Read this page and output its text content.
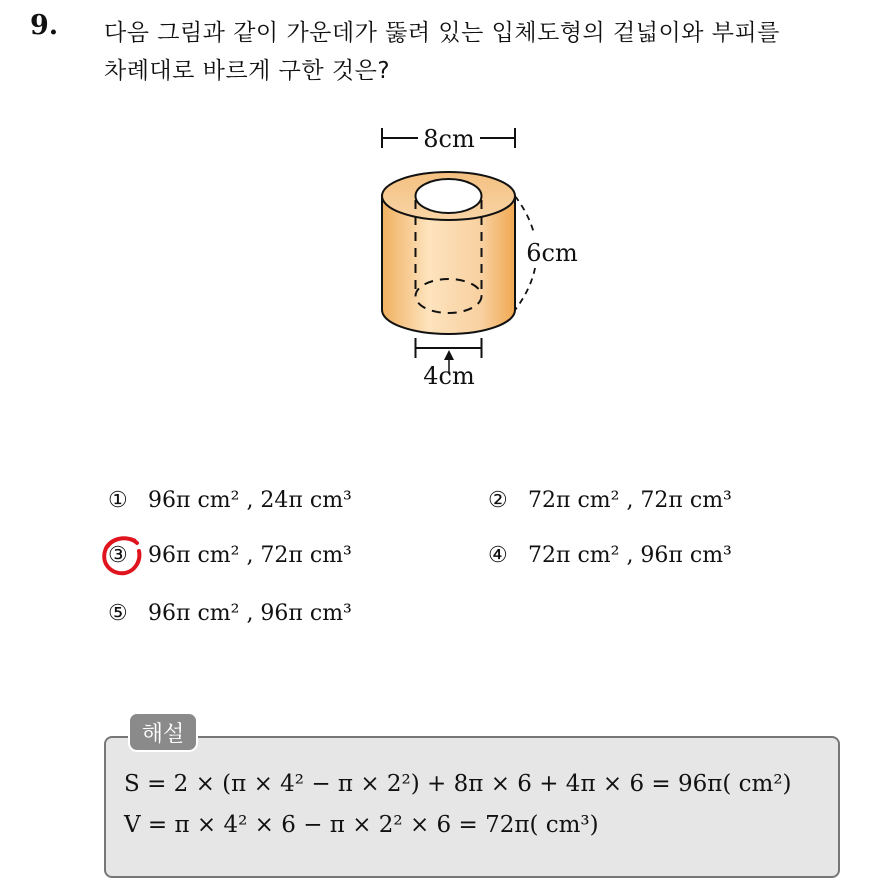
9. 다음 그림과 같이 가운데가 뚫려 있는 입체도형의 겉넓이와 부피를
차례대로 바르게 구한 것은?
8cm
6cm
4cm
① 96π cm² , 24π cm³	② 72π cm² , 72π cm³
③ 96π cm² , 72π cm³	④ 72π cm² , 96π cm³
⑤ 96π cm² , 96π cm³
해설
S = 2 × (π × 4² − π × 2²) + 8π × 6 + 4π × 6 = 96π( cm²)
V = π × 4² × 6 − π × 2² × 6 = 72π( cm³)
